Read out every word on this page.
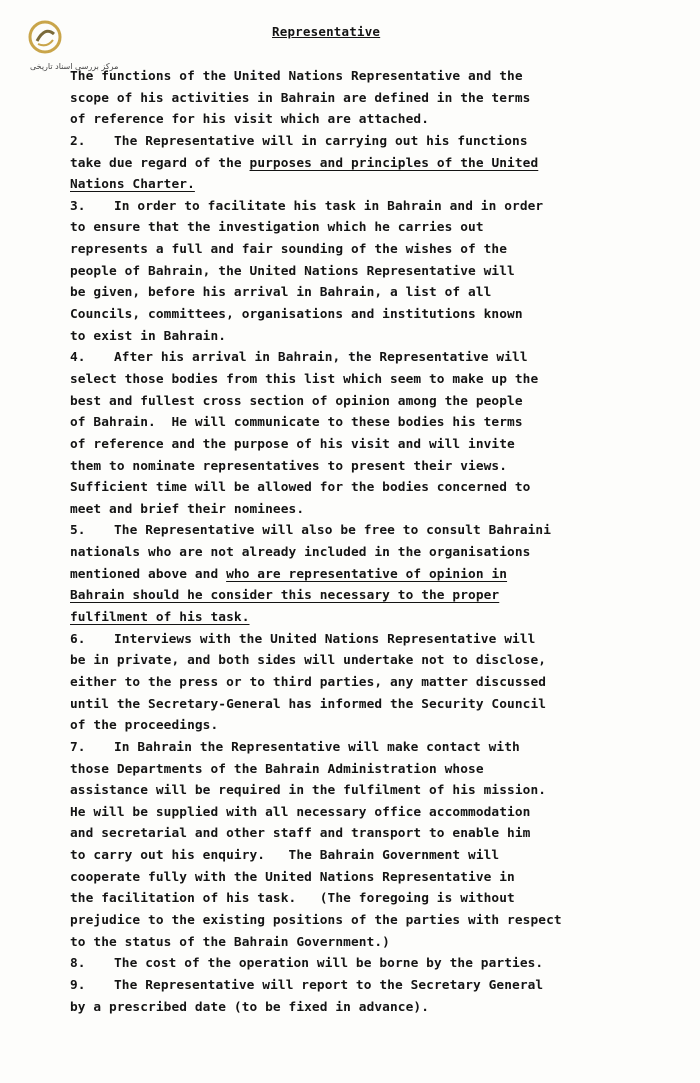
مرکز بررسی اسناد تاریخی
Representative
The functions of the United Nations Representative and the
scope of his activities in Bahrain are defined in the terms
of reference for his visit which are attached.
2. The Representative will in carrying out his functions
take due regard of the purposes and principles of the United
Nations Charter.
3. In order to facilitate his task in Bahrain and in order
to ensure that the investigation which he carries out
represents a full and fair sounding of the wishes of the
people of Bahrain, the United Nations Representative will
be given, before his arrival in Bahrain, a list of all
Councils, committees, organisations and institutions known
to exist in Bahrain.
4. After his arrival in Bahrain, the Representative will
select those bodies from this list which seem to make up the
best and fullest cross section of opinion among the people
of Bahrain.  He will communicate to these bodies his terms
of reference and the purpose of his visit and will invite
them to nominate representatives to present their views.
Sufficient time will be allowed for the bodies concerned to
meet and brief their nominees.
5. The Representative will also be free to consult Bahraini
nationals who are not already included in the organisations
mentioned above and who are representative of opinion in
Bahrain should he consider this necessary to the proper
fulfilment of his task.
6. Interviews with the United Nations Representative will
be in private, and both sides will undertake not to disclose,
either to the press or to third parties, any matter discussed
until the Secretary-General has informed the Security Council
of the proceedings.
7. In Bahrain the Representative will make contact with
those Departments of the Bahrain Administration whose
assistance will be required in the fulfilment of his mission.
He will be supplied with all necessary office accommodation
and secretarial and other staff and transport to enable him
to carry out his enquiry.   The Bahrain Government will
cooperate fully with the United Nations Representative in
the facilitation of his task.   (The foregoing is without
prejudice to the existing positions of the parties with respect
to the status of the Bahrain Government.)
8. The cost of the operation will be borne by the parties.
9. The Representative will report to the Secretary General
by a prescribed date (to be fixed in advance).
